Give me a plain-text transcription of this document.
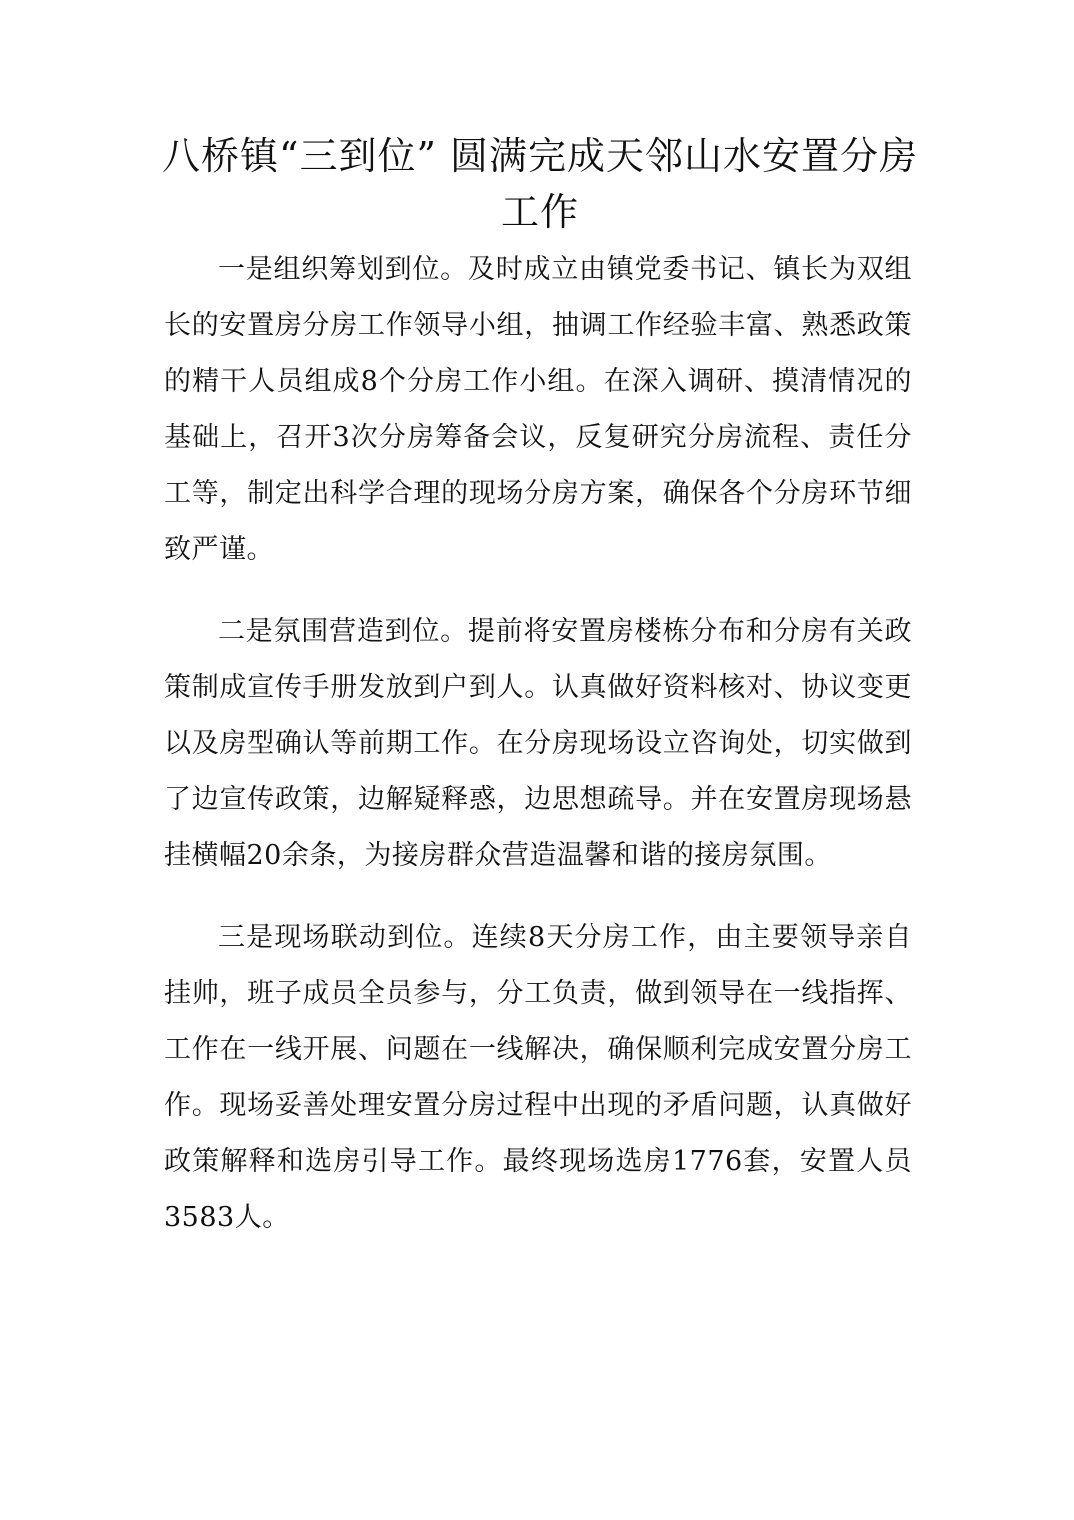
八桥镇“三到位” 圆满完成天邻山水安置分房工作

一是组织筹划到位。及时成立由镇党委书记、镇长为双组长的安置房分房工作领导小组，抽调工作经验丰富、熟悉政策的精干人员组成8个分房工作小组。在深入调研、摸清情况的基础上，召开3次分房筹备会议，反复研究分房流程、责任分工等，制定出科学合理的现场分房方案，确保各个分房环节细致严谨。

二是氛围营造到位。提前将安置房楼栋分布和分房有关政策制成宣传手册发放到户到人。认真做好资料核对、协议变更以及房型确认等前期工作。在分房现场设立咨询处，切实做到了边宣传政策，边解疑释惑，边思想疏导。并在安置房现场悬挂横幅20余条，为接房群众营造温馨和谐的接房氛围。

三是现场联动到位。连续8天分房工作，由主要领导亲自挂帅，班子成员全员参与，分工负责，做到领导在一线指挥、工作在一线开展、问题在一线解决，确保顺利完成安置分房工作。现场妥善处理安置分房过程中出现的矛盾问题，认真做好政策解释和选房引导工作。最终现场选房1776套，安置人员3583人。
